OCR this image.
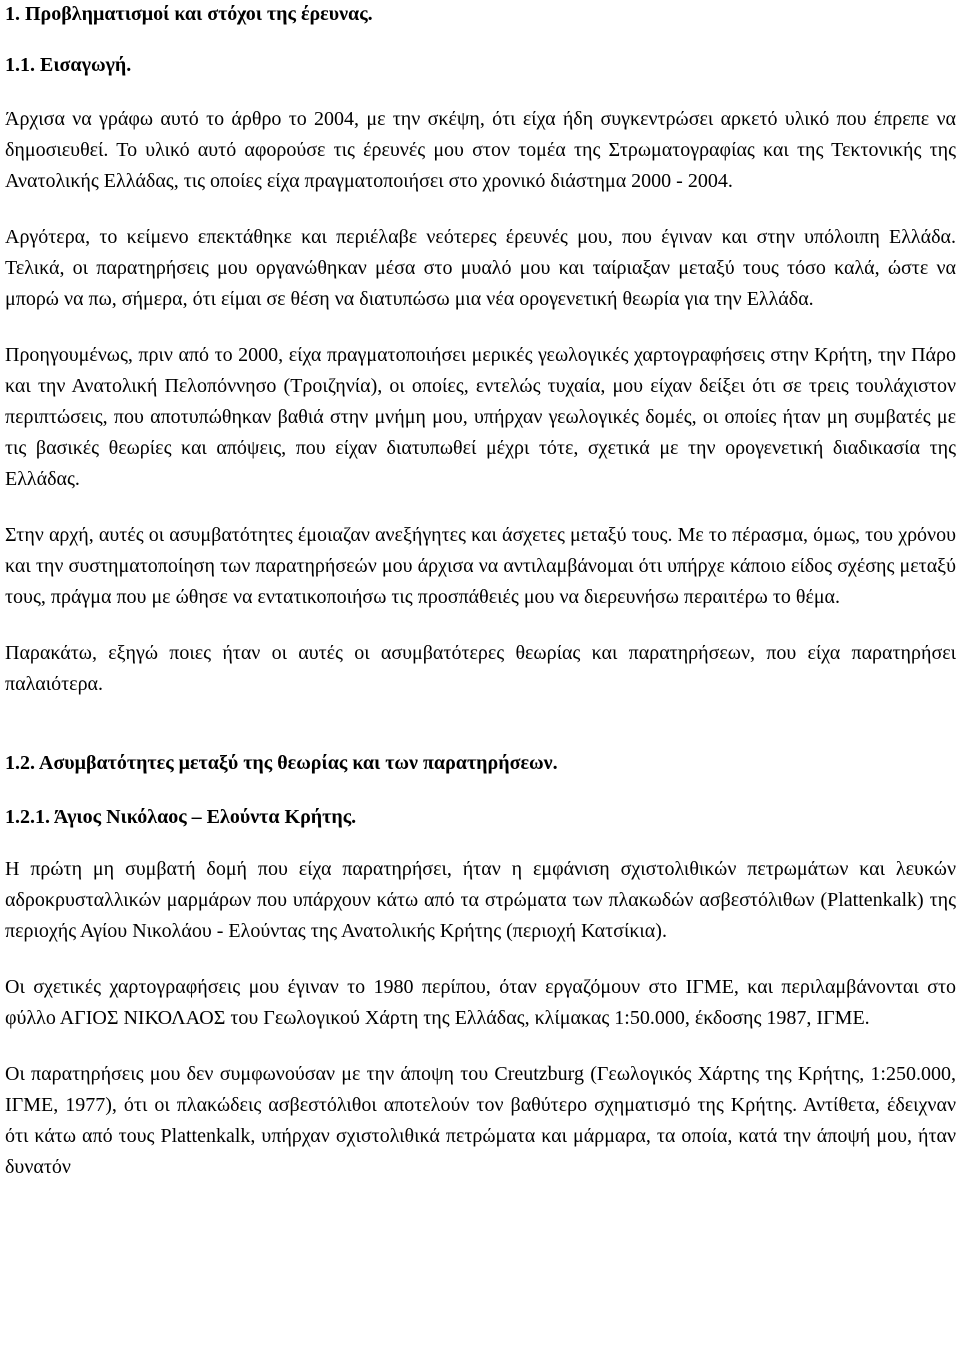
1. Προβληματισμοί και στόχοι της έρευνας.
1.1. Εισαγωγή.

Άρχισα να γράφω αυτό το άρθρο το 2004, με την σκέψη, ότι είχα ήδη συγκεντρώσει αρκετό υλικό που έπρεπε να δημοσιευθεί. Το υλικό αυτό αφορούσε τις έρευνές μου στον τομέα της Στρωματογραφίας και της Τεκτονικής της Ανατολικής Ελλάδας, τις οποίες είχα πραγματοποιήσει στο χρονικό διάστημα 2000 - 2004.

Αργότερα, το κείμενο επεκτάθηκε και περιέλαβε νεότερες έρευνές μου, που έγιναν και στην υπόλοιπη Ελλάδα. Τελικά, οι παρατηρήσεις μου οργανώθηκαν μέσα στο μυαλό μου και ταίριαξαν μεταξύ τους τόσο καλά, ώστε να μπορώ να πω, σήμερα, ότι είμαι σε θέση να διατυπώσω μια νέα ορογενετική θεωρία για την Ελλάδα.

Προηγουμένως, πριν από το 2000, είχα πραγματοποιήσει μερικές γεωλογικές χαρτογραφήσεις στην Κρήτη, την Πάρο και την Ανατολική Πελοπόννησο (Τροιζηνία), οι οποίες, εντελώς τυχαία, μου είχαν δείξει ότι σε τρεις τουλάχιστον περιπτώσεις, που αποτυπώθηκαν βαθιά στην μνήμη μου, υπήρχαν γεωλογικές δομές, οι οποίες ήταν μη συμβατές με τις βασικές θεωρίες και απόψεις, που είχαν διατυπωθεί μέχρι τότε, σχετικά με την ορογενετική διαδικασία της Ελλάδας.

Στην αρχή, αυτές οι ασυμβατότητες έμοιαζαν ανεξήγητες και άσχετες μεταξύ τους. Με το πέρασμα, όμως, του χρόνου και την συστηματοποίηση των παρατηρήσεών μου άρχισα να αντιλαμβάνομαι ότι υπήρχε κάποιο είδος σχέσης μεταξύ τους, πράγμα που με ώθησε να εντατικοποιήσω τις προσπάθειές μου να διερευνήσω περαιτέρω το θέμα.

Παρακάτω, εξηγώ ποιες ήταν οι αυτές οι ασυμβατότερες θεωρίας και παρατηρήσεων, που είχα παρατηρήσει παλαιότερα.

1.2. Ασυμβατότητες μεταξύ της θεωρίας και των παρατηρήσεων.
1.2.1. Άγιος Νικόλαος – Ελούντα Κρήτης.

Η πρώτη μη συμβατή δομή που είχα παρατηρήσει, ήταν η εμφάνιση σχιστολιθικών πετρωμάτων και λευκών αδροκρυσταλλικών μαρμάρων που υπάρχουν κάτω από τα στρώματα των πλακωδών ασβεστόλιθων (Plattenkalk) της περιοχής Αγίου Νικολάου - Ελούντας της Ανατολικής Κρήτης (περιοχή Κατσίκια).

Οι σχετικές χαρτογραφήσεις μου έγιναν το 1980 περίπου, όταν εργαζόμουν στο ΙΓΜΕ, και περιλαμβάνονται στο φύλλο ΑΓΙΟΣ ΝΙΚΟΛΑΟΣ του Γεωλογικού Χάρτη της Ελλάδας, κλίμακας 1:50.000, έκδοσης 1987, ΙΓΜΕ.

Οι παρατηρήσεις μου δεν συμφωνούσαν με την άποψη του Creutzburg (Γεωλογικός Χάρτης της Κρήτης, 1:250.000, ΙΓΜΕ, 1977), ότι οι πλακώδεις ασβεστόλιθοι αποτελούν τον βαθύτερο σχηματισμό της Κρήτης. Αντίθετα, έδειχναν ότι κάτω από τους Plattenkalk, υπήρχαν σχιστολιθικά πετρώματα και μάρμαρα, τα οποία, κατά την άποψή μου, ήταν δυνατόν
